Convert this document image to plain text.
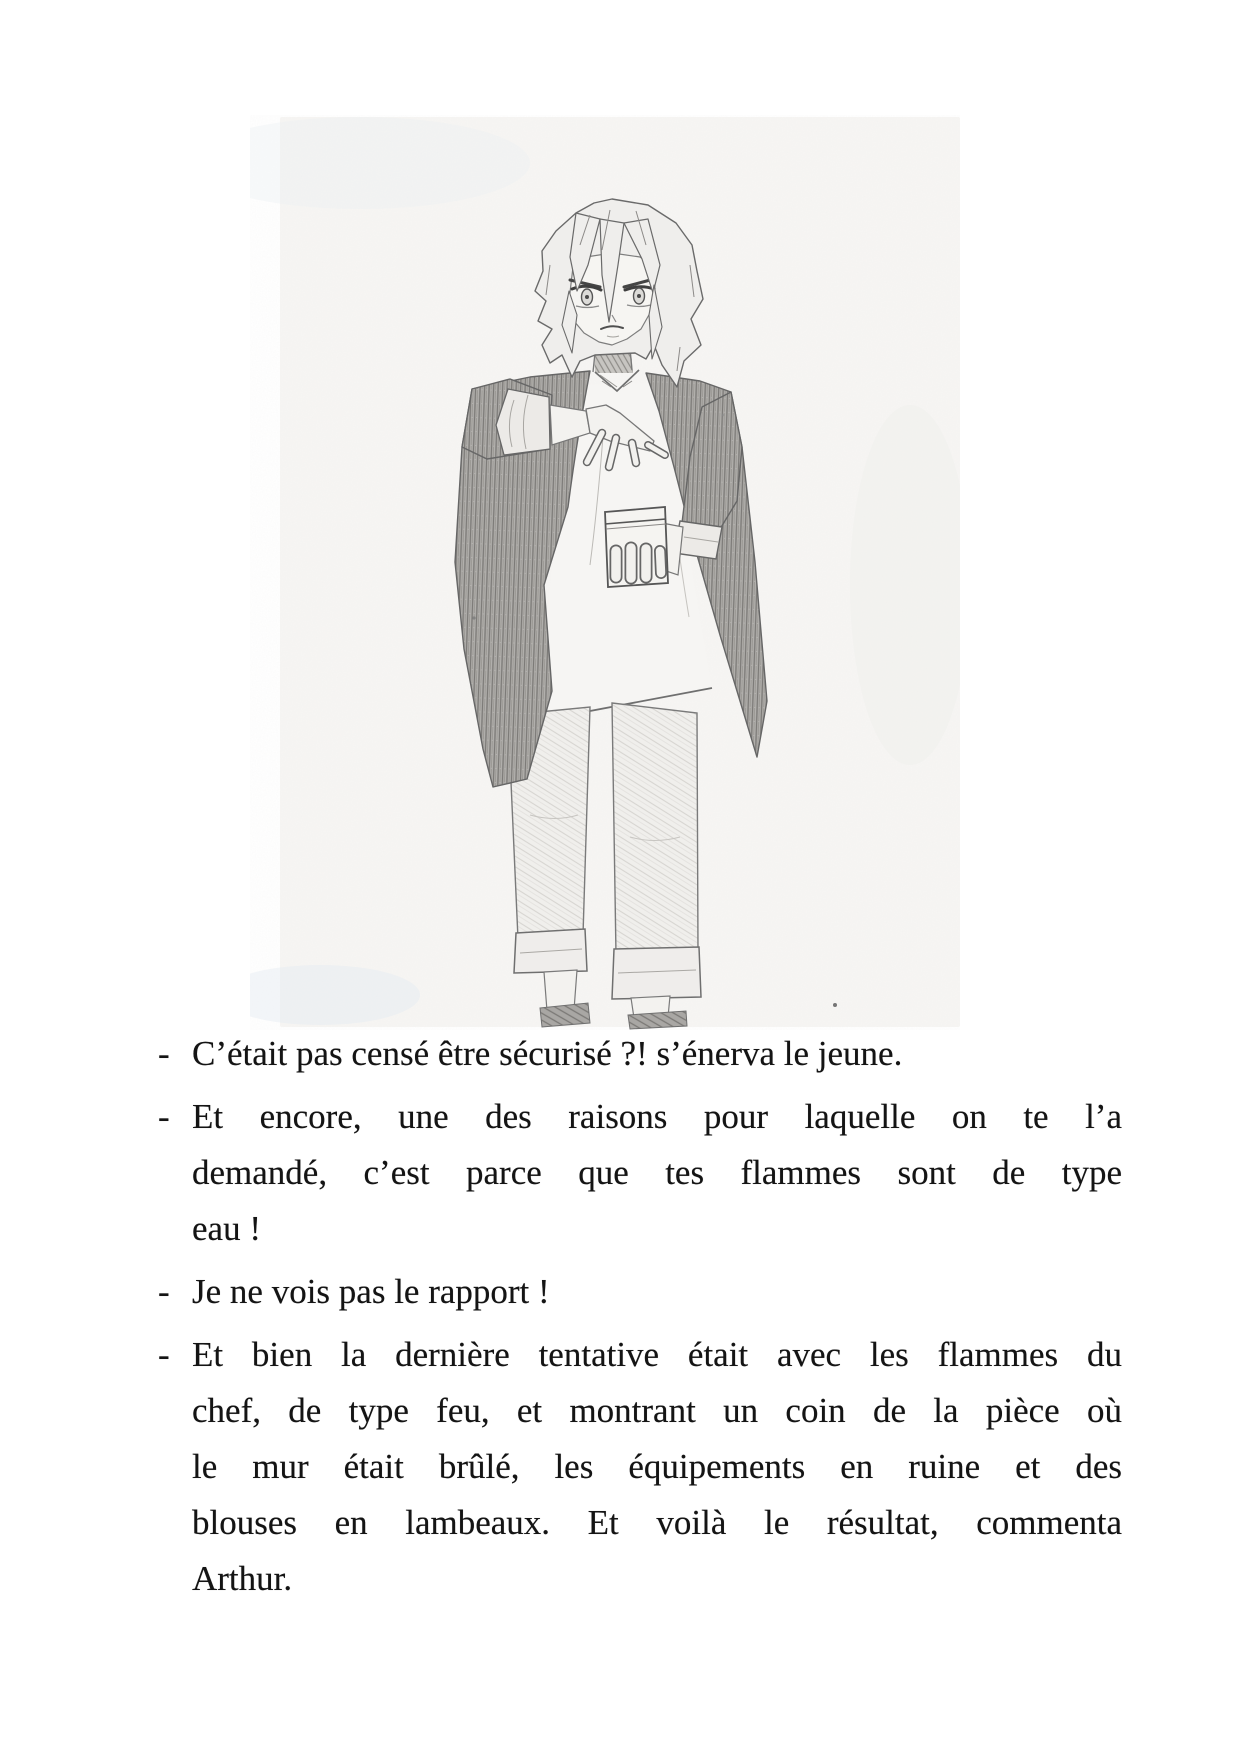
- C’était pas censé être sécurisé ?! s’énerva le jeune.

- Et encore, une des raisons pour laquelle on te l’a
demandé, c’est parce que tes flammes sont de type
eau !

- Je ne vois pas le rapport !

- Et bien la dernière tentative était avec les flammes du
chef, de type feu, et montrant un coin de la pièce où
le mur était brûlé, les équipements en ruine et des
blouses en lambeaux. Et voilà le résultat, commenta
Arthur.
